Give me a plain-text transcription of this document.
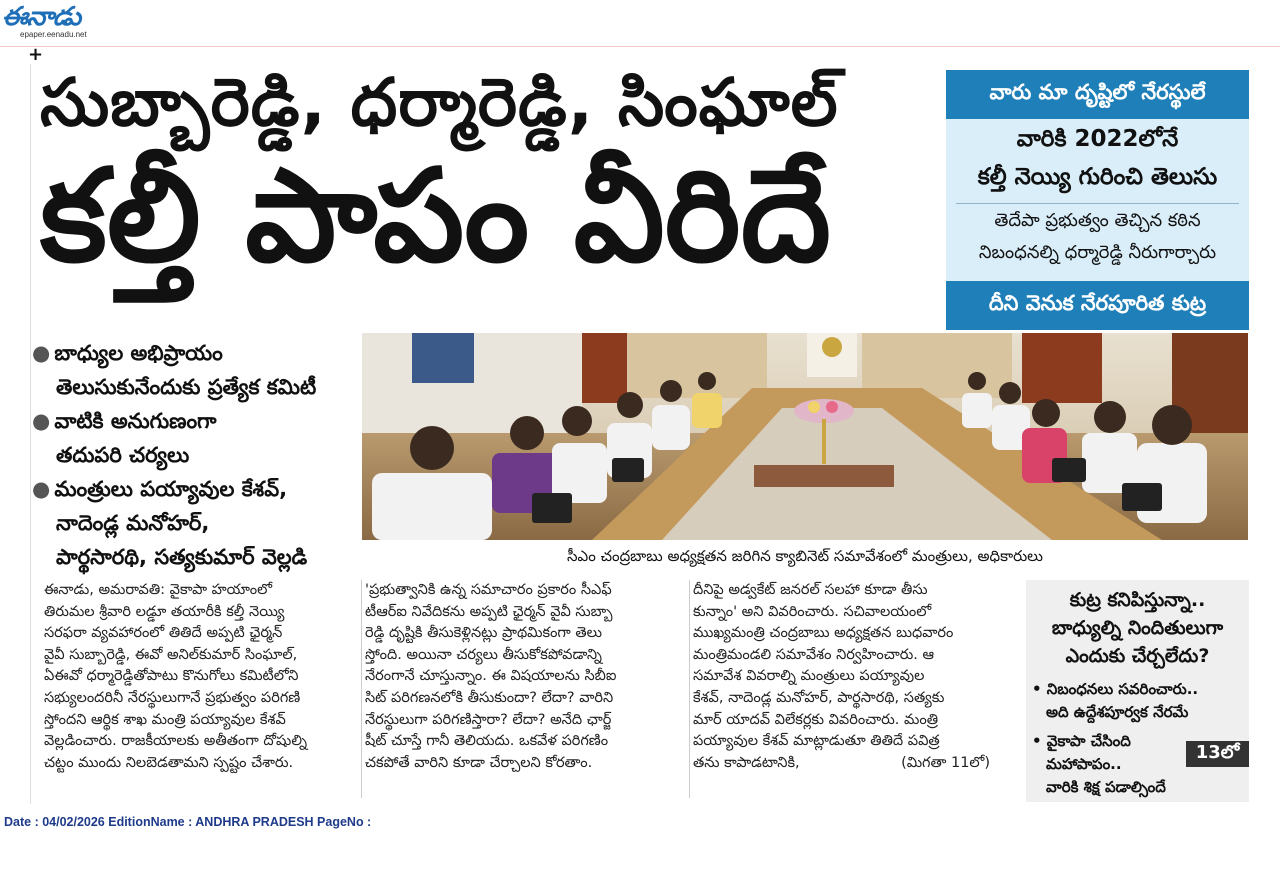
ఈనాడు
epaper.eenadu.net
+
సుబ్బారెడ్డి, ధర్మారెడ్డి, సింఘాల్
కల్తీ పాపం వీరిదే
వారు మా దృష్టిలో నేరస్థులే
వారికి 2022లోనే
కల్తీ నెయ్యి గురించి తెలుసు
తెదేపా ప్రభుత్వం తెచ్చిన కఠిన
నిబంధనల్ని ధర్మారెడ్డి నీరుగార్చారు
దీని వెనుక నేరపూరిత కుట్ర
● బాధ్యుల అభిప్రాయం
తెలుసుకునేందుకు ప్రత్యేక కమిటీ
● వాటికి అనుగుణంగా
తదుపరి చర్యలు
● మంత్రులు పయ్యావుల కేశవ్,
నాదెండ్ల మనోహర్,
పార్థసారథి, సత్యకుమార్ వెల్లడి	సీఎం చంద్రబాబు అధ్యక్షతన జరిగిన క్యాబినెట్ సమావేశంలో మంత్రులు, అధికారులు
ఈనాడు, అమరావతి: వైకాపా హయాంలో
తిరుమల శ్రీవారి లడ్డూ తయారీకి కల్తీ నెయ్యి
సరఫరా వ్యవహారంలో తితిదే అప్పటి ఛైర్మన్
వైవీ సుబ్బారెడ్డి, ఈవో అనిల్‌కుమార్ సింఘాల్,
ఏఈవో ధర్మారెడ్డితోపాటు కొనుగోలు కమిటీలోని
సభ్యులందరినీ నేరస్థులుగానే ప్రభుత్వం పరిగణి
స్తోందని ఆర్థిక శాఖ మంత్రి పయ్యావుల కేశవ్
వెల్లడించారు. రాజకీయాలకు అతీతంగా దోషుల్ని
చట్టం ముందు నిలబెడతామని స్పష్టం చేశారు.
'ప్రభుత్వానికి ఉన్న సమాచారం ప్రకారం సీఎఫ్
టీఆర్‌ఐ నివేదికను అప్పటి ఛైర్మన్ వైవీ సుబ్బా
రెడ్డి దృష్టికి తీసుకెళ్లినట్లు ప్రాథమికంగా తెలు
స్తోంది. అయినా చర్యలు తీసుకోకపోవడాన్ని
నేరంగానే చూస్తున్నాం. ఈ విషయాలను సిబీఐ
సిట్ పరిగణనలోకి తీసుకుందా? లేదా? వారిని
నేరస్థులుగా పరిగణిస్తారా? లేదా? అనేది ఛార్జ్
షీట్ చూస్తే గానీ తెలియదు. ఒకవేళ పరిగణిం
చకపోతే వారిని కూడా చేర్చాలని కోరతాం.
దీనిపై అడ్వకేట్ జనరల్ సలహా కూడా తీసు
కున్నాం' అని వివరించారు. సచివాలయంలో
ముఖ్యమంత్రి చంద్రబాబు అధ్యక్షతన బుధవారం
మంత్రిమండలి సమావేశం నిర్వహించారు. ఆ
సమావేశ వివరాల్ని మంత్రులు పయ్యావుల
కేశవ్, నాదెండ్ల మనోహర్, పార్థసారథి, సత్యకు
మార్ యాదవ్ విలేకర్లకు వివరించారు. మంత్రి
పయ్యావుల కేశవ్ మాట్లాడుతూ తితిదే పవిత్ర
తను కాపాడటానికి,	(మిగతా 11లో)
కుట్ర కనిపిస్తున్నా..
బాధ్యుల్ని నిందితులుగా
ఎందుకు చేర్చలేదు?
• నిబంధనలు సవరించారు..
అది ఉద్దేశపూర్వక నేరమే
• వైకాపా చేసింది
మహాపాపం..
వారికి శిక్ష పడాల్సిందే
13లో
Date : 04/02/2026 EditionName : ANDHRA PRADESH PageNo :
